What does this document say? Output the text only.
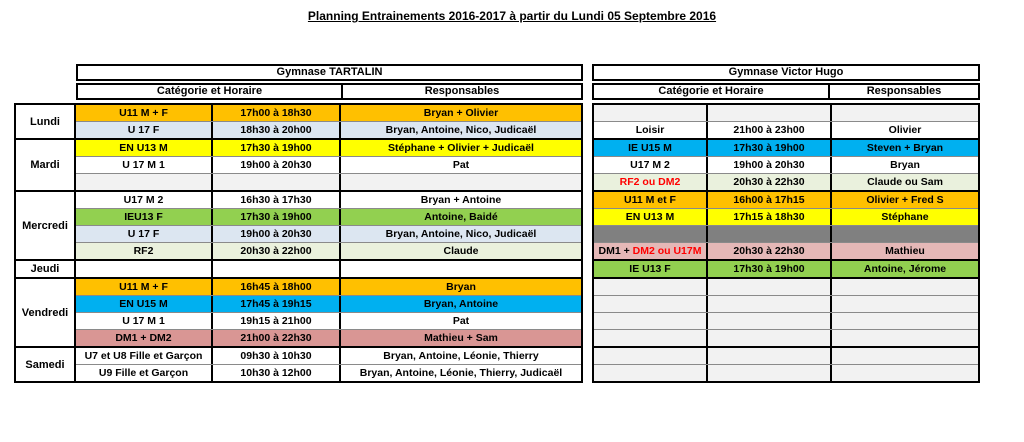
Planning Entrainements 2016-2017 à partir du Lundi 05 Septembre 2016
Gymnase TARTALIN
Catégorie et Horaire	Responsables
Lundi
U11 M + F	17h00 à 18h30	Bryan + Olivier
U 17 F	18h30 à 20h00	Bryan, Antoine, Nico, Judicaël
Mardi
EN U13 M	17h30 à 19h00	Stéphane + Olivier + Judicaël
U 17 M 1	19h00 à 20h30	Pat
Mercredi
U17 M 2	16h30 à 17h30	Bryan + Antoine
IEU13 F	17h30 à 19h00	Antoine, Baidé
U 17 F	19h00 à 20h30	Bryan, Antoine, Nico, Judicaël
RF2	20h30 à 22h00	Claude
Jeudi
Vendredi
U11 M + F	16h45 à 18h00	Bryan
EN U15 M	17h45 à 19h15	Bryan, Antoine
U 17 M 1	19h15 à 21h00	Pat
DM1 + DM2	21h00 à 22h30	Mathieu + Sam
Samedi
U7 et U8 Fille et Garçon	09h30 à 10h30	Bryan, Antoine, Léonie, Thierry
U9 Fille et Garçon	10h30 à 12h00	Bryan, Antoine, Léonie, Thierry, Judicaël
Gymnase Victor Hugo
Catégorie et Horaire	Responsables
Loisir	21h00 à 23h00	Olivier
IE U15 M	17h30 à 19h00	Steven + Bryan
U17 M 2	19h00 à 20h30	Bryan
RF2 ou DM2	20h30 à 22h30	Claude ou Sam
U11 M et F	16h00 à 17h15	Olivier + Fred S
EN U13 M	17h15 à 18h30	Stéphane
DM1 + DM2 ou U17M	20h30 à 22h30	Mathieu
IE U13 F	17h30 à 19h00	Antoine, Jérome
